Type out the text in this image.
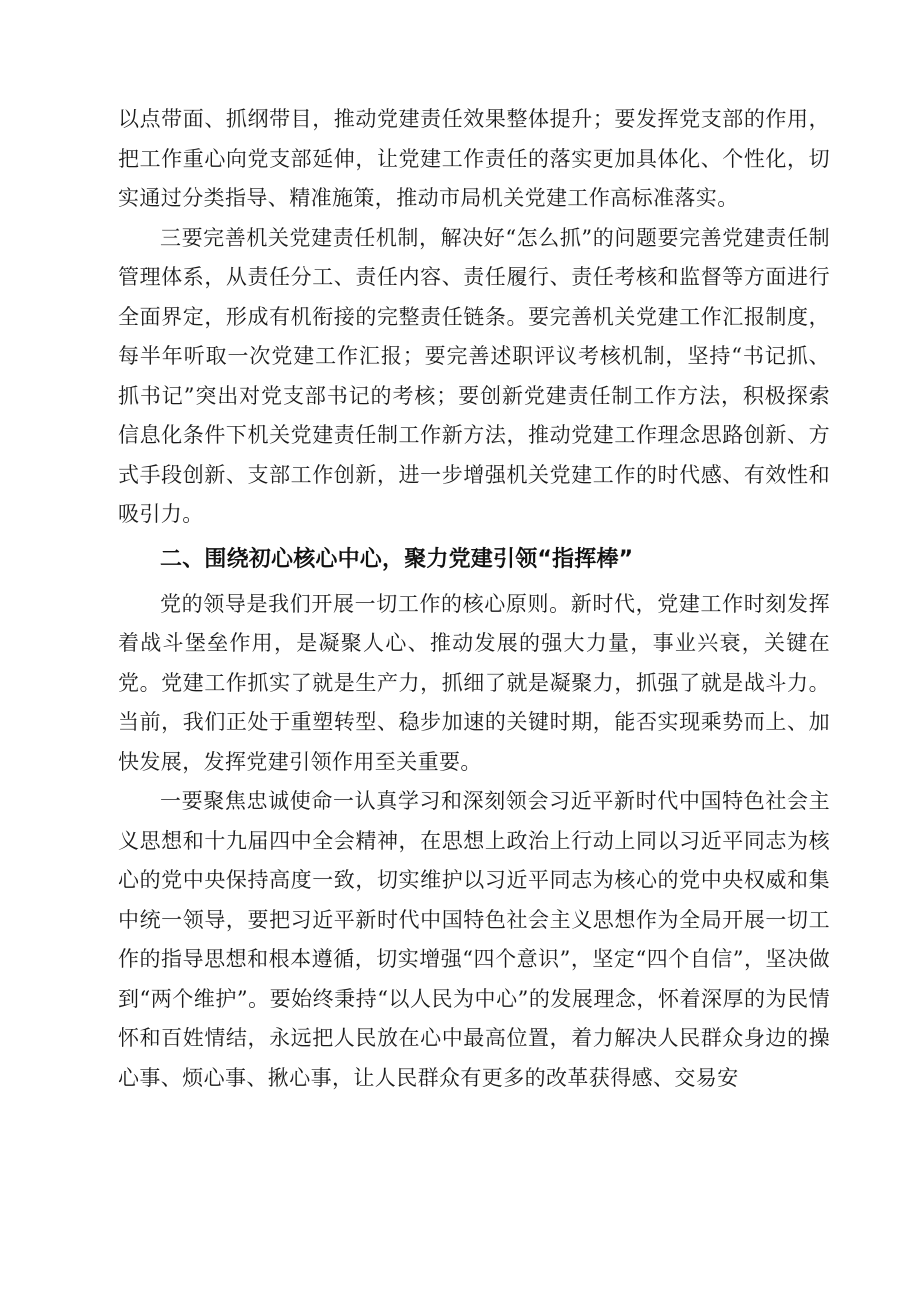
以点带面、抓纲带目，推动党建责任效果整体提升；要发挥党支部的作用，把工作重心向党支部延伸，让党建工作责任的落实更加具体化、个性化，切实通过分类指导、精准施策，推动市局机关党建工作高标准落实。

三要完善机关党建责任机制，解决好“怎么抓”的问题要完善党建责任制管理体系，从责任分工、责任内容、责任履行、责任考核和监督等方面进行全面界定，形成有机衔接的完整责任链条。要完善机关党建工作汇报制度，每半年听取一次党建工作汇报；要完善述职评议考核机制，坚持“书记抓、抓书记”突出对党支部书记的考核；要创新党建责任制工作方法，积极探索信息化条件下机关党建责任制工作新方法，推动党建工作理念思路创新、方式手段创新、支部工作创新，进一步增强机关党建工作的时代感、有效性和吸引力。

二、围绕初心核心中心，聚力党建引领“指挥棒”

党的领导是我们开展一切工作的核心原则。新时代，党建工作时刻发挥着战斗堡垒作用，是凝聚人心、推动发展的强大力量，事业兴衰，关键在党。党建工作抓实了就是生产力，抓细了就是凝聚力，抓强了就是战斗力。当前，我们正处于重塑转型、稳步加速的关键时期，能否实现乘势而上、加快发展，发挥党建引领作用至关重要。

一要聚焦忠诚使命一认真学习和深刻领会习近平新时代中国特色社会主义思想和十九届四中全会精神，在思想上政治上行动上同以习近平同志为核心的党中央保持高度一致，切实维护以习近平同志为核心的党中央权威和集中统一领导，要把习近平新时代中国特色社会主义思想作为全局开展一切工作的指导思想和根本遵循，切实增强“四个意识”，坚定“四个自信”，坚决做到“两个维护”。要始终秉持“以人民为中心”的发展理念，怀着深厚的为民情怀和百姓情结，永远把人民放在心中最高位置，着力解决人民群众身边的操心事、烦心事、揪心事，让人民群众有更多的改革获得感、交易安
